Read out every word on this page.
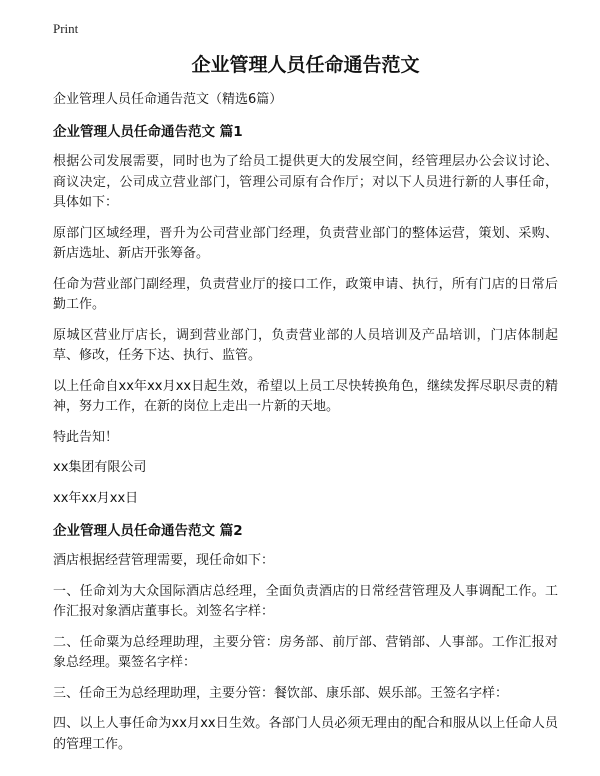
Print
企业管理人员任命通告范文

企业管理人员任命通告范文（精选6篇）

企业管理人员任命通告范文 篇1

根据公司发展需要，同时也为了给员工提供更大的发展空间，经管理层办公会议讨论、商议决定，公司成立营业部门，管理公司原有合作厅；对以下人员进行新的人事任命，具体如下：

原部门区域经理，晋升为公司营业部门经理，负责营业部门的整体运营，策划、采购、新店选址、新店开张筹备。

任命为营业部门副经理，负责营业厅的接口工作，政策申请、执行，所有门店的日常后勤工作。

原城区营业厅店长，调到营业部门，负责营业部的人员培训及产品培训，门店体制起草、修改，任务下达、执行、监管。

以上任命自xx年xx月xx日起生效，希望以上员工尽快转换角色，继续发挥尽职尽责的精神，努力工作，在新的岗位上走出一片新的天地。

特此告知！

xx集团有限公司

xx年xx月xx日

企业管理人员任命通告范文 篇2

酒店根据经营管理需要，现任命如下：

一、任命刘为大众国际酒店总经理，全面负责酒店的日常经营管理及人事调配工作。工作汇报对象酒店董事长。刘签名字样：

二、任命粟为总经理助理，主要分管：房务部、前厅部、营销部、人事部。工作汇报对象总经理。粟签名字样：

三、任命王为总经理助理，主要分管：餐饮部、康乐部、娱乐部。王签名字样：

四、以上人事任命为xx月xx日生效。各部门人员必须无理由的配合和服从以上任命人员的管理工作。
